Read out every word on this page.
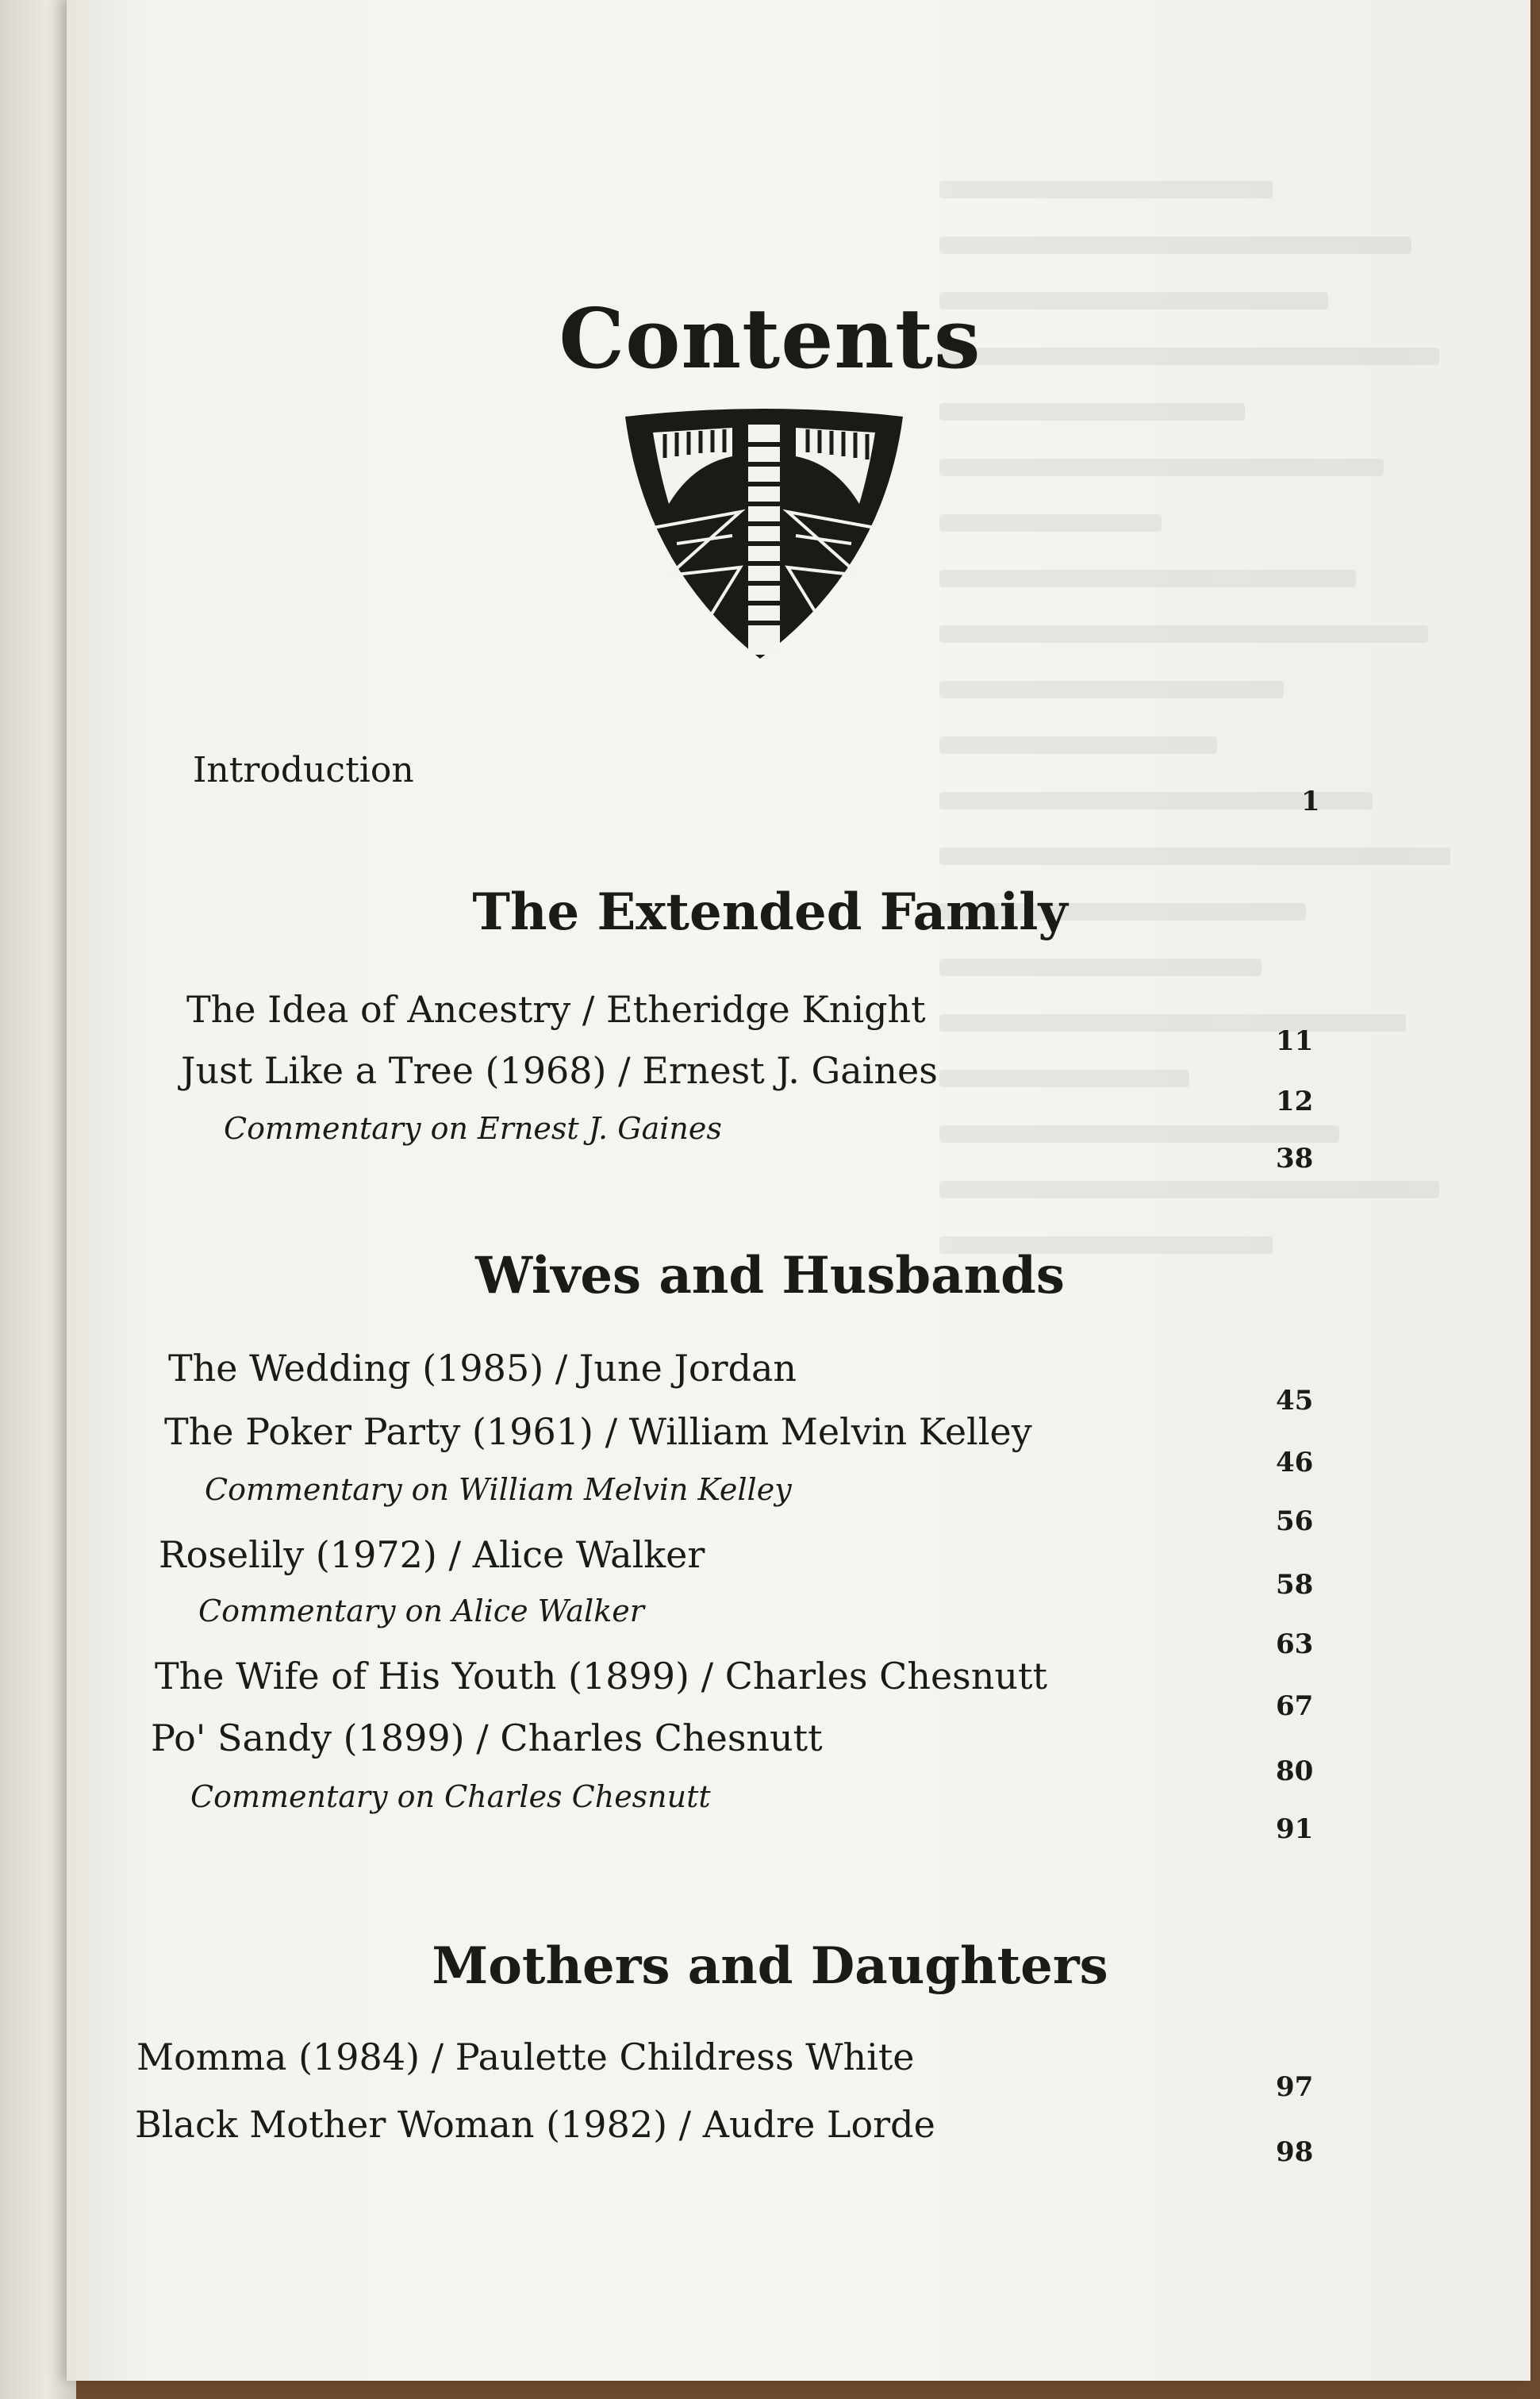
Contents
Introduction
1
The Extended Family
The Idea of Ancestry / Etheridge Knight
11
Just Like a Tree (1968) / Ernest J. Gaines
12
Commentary on Ernest J. Gaines
38
Wives and Husbands
The Wedding (1985) / June Jordan
45
The Poker Party (1961) / William Melvin Kelley
46
Commentary on William Melvin Kelley
56
Roselily (1972) / Alice Walker
58
Commentary on Alice Walker
63
The Wife of His Youth (1899) / Charles Chesnutt
67
Po' Sandy (1899) / Charles Chesnutt
80
Commentary on Charles Chesnutt
91
Mothers and Daughters
Momma (1984) / Paulette Childress White
97
Black Mother Woman (1982) / Audre Lorde
98
